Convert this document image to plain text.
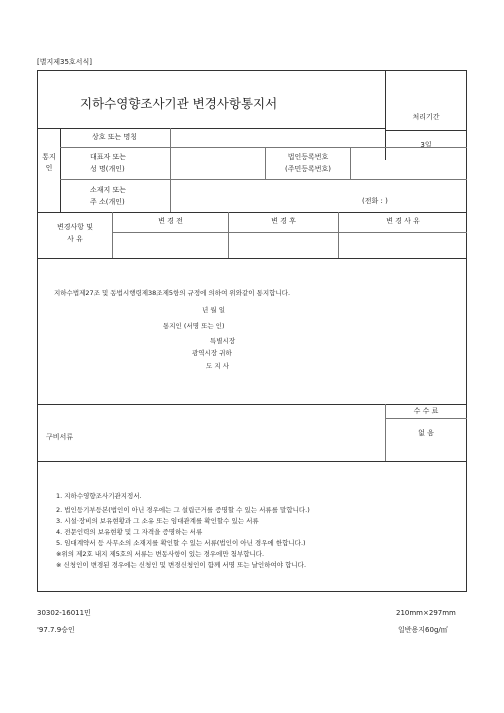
[별지제35호서식]
지하수영향조사기관 변경사항통지서
처리기간
3일
통지인
상호 또는 명칭
대표자 또는
성 명(개인)
법인등록번호
(주민등록번호)
소재지 또는
주 소(개인)	(전화 : )
변경사항 및
사 유
변 경 전	변 경 후	변 경 사 유
지하수법제27조 및 동법시행령제38조제5항의 규정에 의하여 위와같이 통지합니다.
년 월 일
통지인 (서명 또는 인)
특별시장
광역시장 귀하
도 지 사
수 수 료
없 음
구비서류
1. 지하수영향조사기관지정서.
2. 법인등기부등본(법인이 아닌 경우에는 그 설립근거를 증명할 수 있는 서류를 말합니다.)
3. 시설·장비의 보유현황과 그 소유 또는 임대관계를 확인할수 있는 서류
4. 전문인력의 보유현황 및 그 자격을 증명하는 서류
5. 임대계약서 등 사무소의 소재지를 확인할 수 있는 서류(법인이 아닌 경우에 한합니다.)
※위의 제2호 내지 제5호의 서류는 변동사항이 있는 경우에만 첨부합니다.
※ 신청인이 변경된 경우에는 신청인 및 변경신청인이 함께 서명 또는 날인하여야 합니다.
30302-16011민
'97.7.9승인
210mm×297mm
일반용지60g/㎡
